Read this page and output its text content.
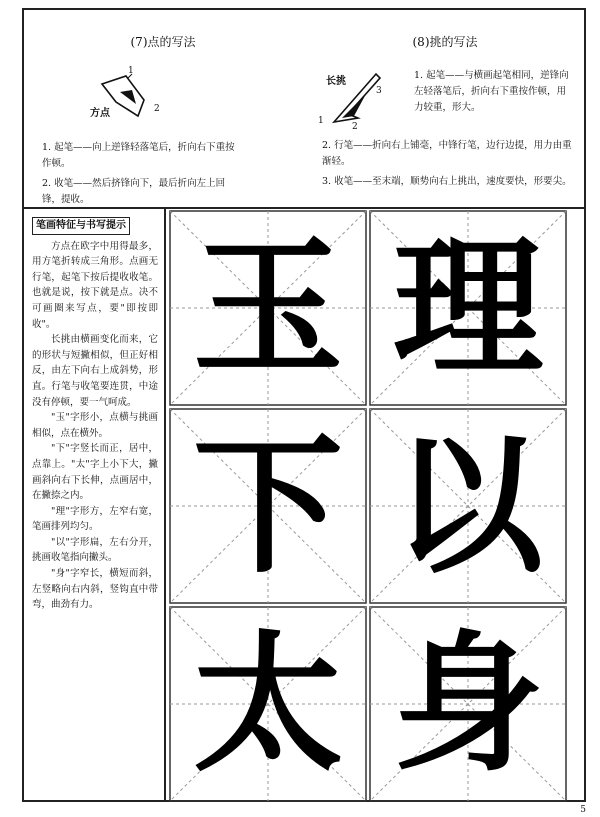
(7)点的写法
方点
1
2

1. 起笔——向上逆锋轻落笔后，折向右下重按作顿。

2. 收笔——然后挤锋向下，最后折向左上回锋，提收。

(8)挑的写法
长挑
1
2
3

1. 起笔——与横画起笔相同，逆锋向左轻落笔后，折向右下重按作顿，用力较重，形大。

2. 行笔——折向右上铺毫，中锋行笔，边行边提，用力由重渐轻。

3. 收笔——至末端，顺势向右上挑出，速度要快，形要尖。

笔画特征与书写提示

方点在欧字中用得最多，用方笔折转成三角形。点画无行笔，起笔下按后提收收笔。也就是说，按下就是点。决不可画圈来写点，要"即按即收"。

长挑由横画变化而来，它的形状与短撇相似，但正好相反，由左下向右上成斜势，形直。行笔与收笔要连贯，中途没有停顿，要一气呵成。

"玉"字形小，点横与挑画相似，点在横外。

"下"字竖长而正，居中，点靠上。"太"字上小下大，撇画斜向右下长伸，点画居中，在撇捺之内。

"理"字形方，左窄右宽，笔画排列均匀。

"以"字形扁，左右分开，挑画收笔指向撇头。

"身"字窄长，横短而斜，左竖略向右内斜，竖钩直中带弯，曲劲有力。

玉 理
下 以
太 身
5
